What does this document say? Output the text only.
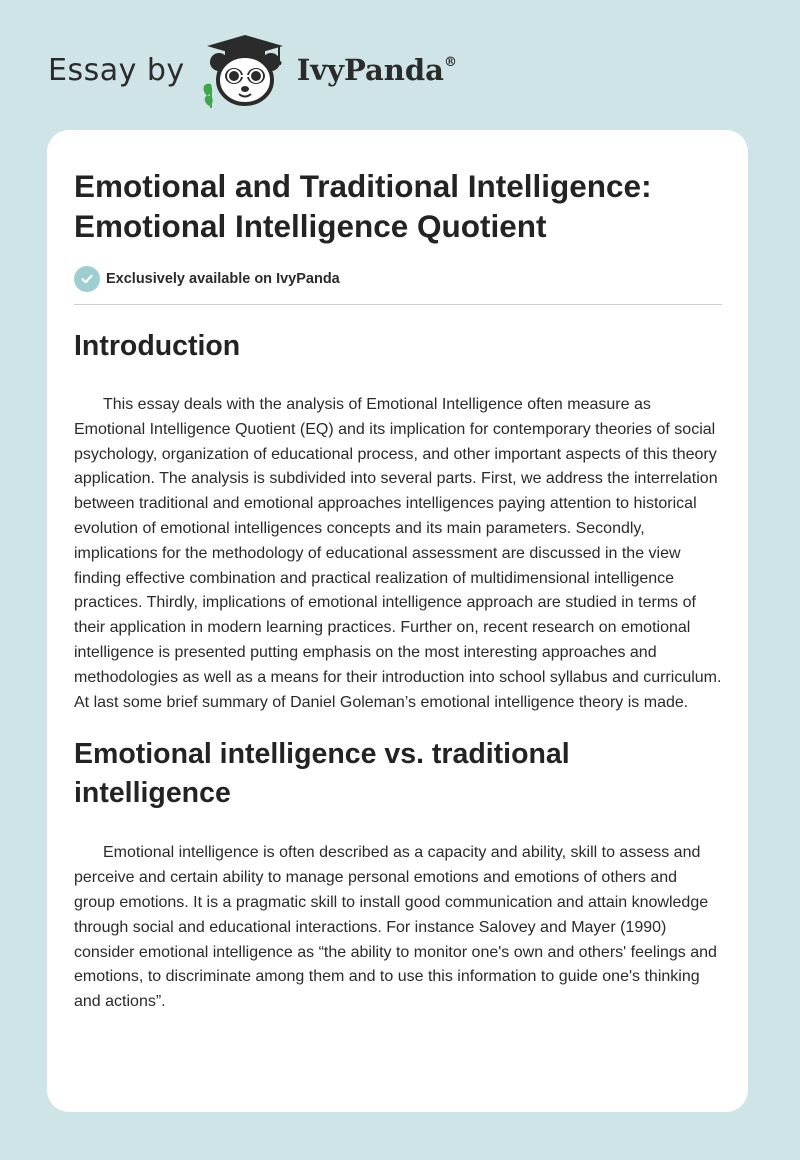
Essay by	IvyPanda®
Emotional and Traditional Intelligence:
Emotional Intelligence Quotient
Exclusively available on IvyPanda
Introduction

This essay deals with the analysis of Emotional Intelligence often measure as Emotional Intelligence Quotient (EQ) and its implication for contemporary theories of social psychology, organization of educational process, and other important aspects of this theory application. The analysis is subdivided into several parts. First, we address the interrelation between traditional and emotional approaches intelligences paying attention to historical evolution of emotional intelligences concepts and its main parameters. Secondly, implications for the methodology of educational assessment are discussed in the view finding effective combination and practical realization of multidimensional intelligence practices. Thirdly, implications of emotional intelligence approach are studied in terms of their application in modern learning practices. Further on, recent research on emotional intelligence is presented putting emphasis on the most interesting approaches and methodologies as well as a means for their introduction into school syllabus and curriculum. At last some brief summary of Daniel Goleman’s emotional intelligence theory is made.

Emotional intelligence vs. traditional intelligence

Emotional intelligence is often described as a capacity and ability, skill to assess and perceive and certain ability to manage personal emotions and emotions of others and group emotions. It is a pragmatic skill to install good communication and attain knowledge through social and educational interactions. For instance Salovey and Mayer (1990) consider emotional intelligence as “the ability to monitor one's own and others' feelings and emotions, to discriminate among them and to use this information to guide one's thinking and actions”.
